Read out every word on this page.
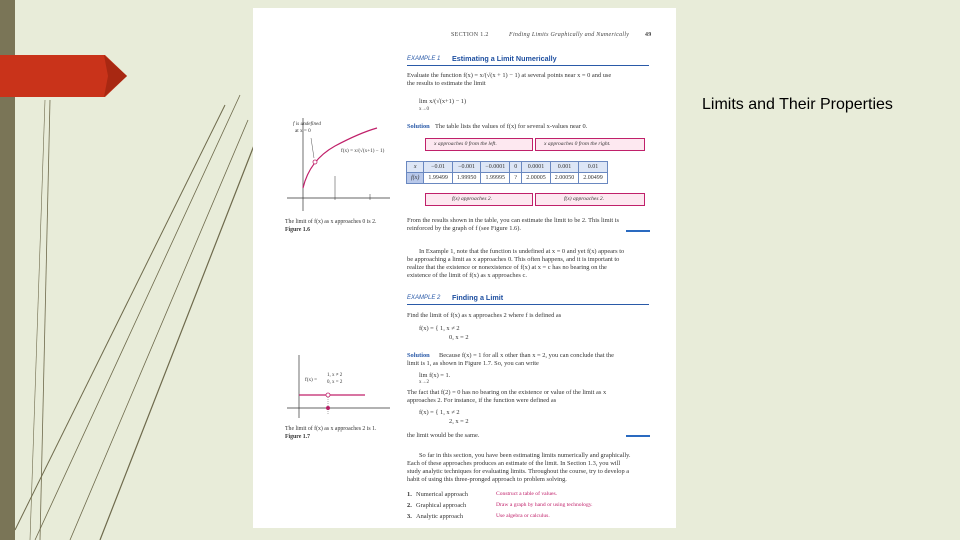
Limits and Their Properties
SECTION 1.2	Finding Limits Graphically and Numerically	49
EXAMPLE 1 Estimating a Limit Numerically
Evaluate the function f(x) = x/(√(x + 1) − 1) at several points near x = 0 and use
the results to estimate the limit
lim x/(√(x+1) − 1)
x→0
Solution The table lists the values of f(x) for several x-values near 0.
x approaches 0 from the left.	x approaches 0 from the right.
x	−0.01	−0.001	−0.0001	0	0.0001	0.001	0.01
f(x)	1.99499	1.99950	1.99995	?	2.00005	2.00050	2.00499
f(x) approaches 2.	f(x) approaches 2.
From the results shown in the table, you can estimate the limit to be 2. This limit is
reinforced by the graph of f (see Figure 1.6).
f is undefined
at x = 0
f(x) = x/(√(x+1) − 1)
The limit of f(x) as x approaches 0 is 2.
Figure 1.6
In Example 1, note that the function is undefined at x = 0 and yet f(x) appears to
be approaching a limit as x approaches 0. This often happens, and it is important to
realize that the existence or nonexistence of f(x) at x = c has no bearing on the
existence of the limit of f(x) as x approaches c.
EXAMPLE 2 Finding a Limit
Find the limit of f(x) as x approaches 2 where f is defined as
f(x) = { 1, x ≠ 2
0, x = 2
Solution Because f(x) = 1 for all x other than x = 2, you can conclude that the
limit is 1, as shown in Figure 1.7. So, you can write
lim f(x) = 1.
x→2
The fact that f(2) = 0 has no bearing on the existence or value of the limit as x
approaches 2. For instance, if the function were defined as
f(x) = { 1, x ≠ 2
2, x = 2
the limit would be the same.
f(x) =
1, x ≠ 2
0, x = 2
The limit of f(x) as x approaches 2 is 1.
Figure 1.7
So far in this section, you have been estimating limits numerically and graphically.
Each of these approaches produces an estimate of the limit. In Section 1.3, you will
study analytic techniques for evaluating limits. Throughout the course, try to develop a
habit of using this three-pronged approach to problem solving.
1. Numerical approach	Construct a table of values.
2. Graphical approach	Draw a graph by hand or using technology.
3. Analytic approach	Use algebra or calculus.
